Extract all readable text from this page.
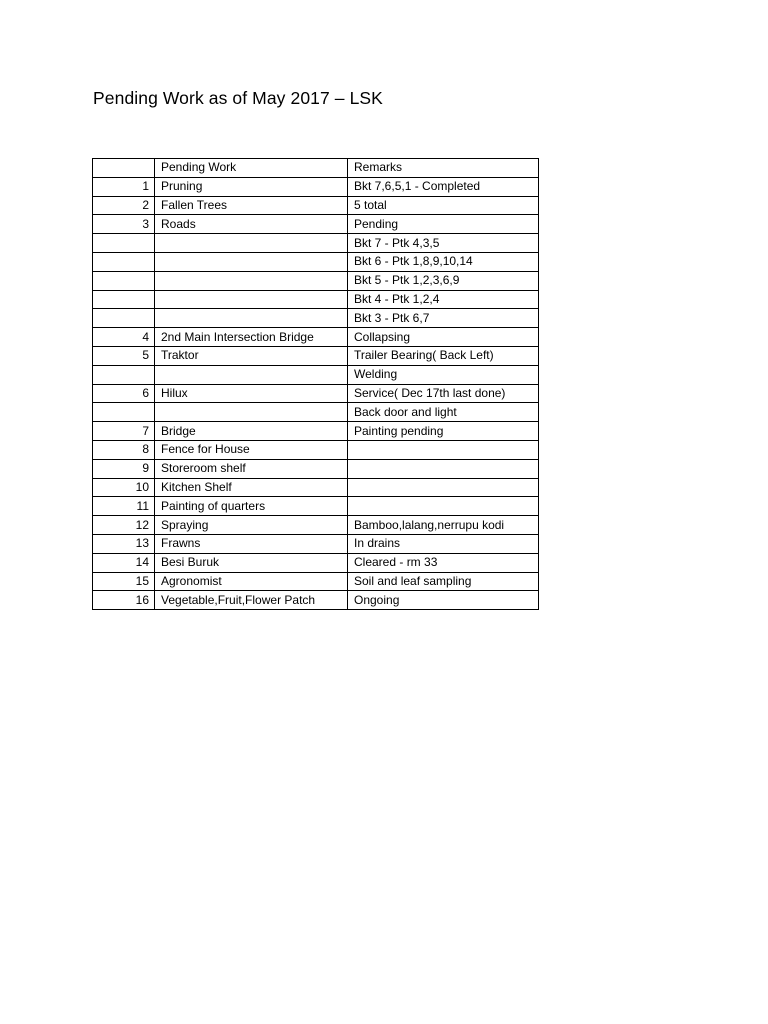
Pending Work as of May 2017 – LSK
	Pending Work	Remarks
1	Pruning	Bkt 7,6,5,1 - Completed
2	Fallen Trees	5 total
3	Roads	Pending
		Bkt 7 - Ptk 4,3,5
		Bkt 6 - Ptk 1,8,9,10,14
		Bkt 5 - Ptk 1,2,3,6,9
		Bkt 4 - Ptk 1,2,4
		Bkt 3 - Ptk 6,7
4	2nd Main Intersection Bridge	Collapsing
5	Traktor	Trailer Bearing( Back Left)
		Welding
6	Hilux	Service( Dec 17th last done)
		Back door and light
7	Bridge	Painting pending
8	Fence for House	
9	Storeroom shelf	
10	Kitchen Shelf	
11	Painting of quarters	
12	Spraying	Bamboo,lalang,nerrupu kodi
13	Frawns	In drains
14	Besi Buruk	Cleared - rm 33
15	Agronomist	Soil and leaf sampling
16	Vegetable,Fruit,Flower Patch	Ongoing
